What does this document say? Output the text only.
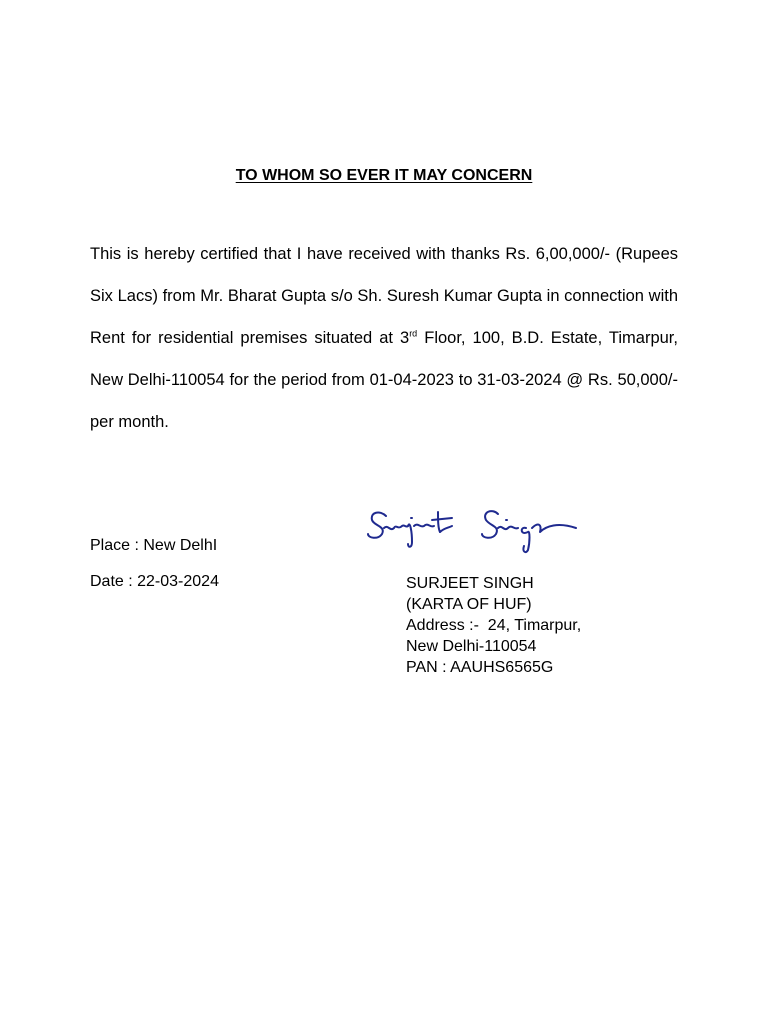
TO WHOM SO EVER IT MAY CONCERN

This is hereby certified that I have received with thanks Rs. 6,00,000/- (Rupees Six Lacs) from Mr. Bharat Gupta s/o Sh. Suresh Kumar Gupta in connection with Rent for residential premises situated at 3rd Floor, 100, B.D. Estate, Timarpur, New Delhi-110054 for the period from 01-04-2023 to 31-03-2024 @ Rs. 50,000/- per month.

Place : New DelhI
Date : 22-03-2024	SURJEET SINGH
(KARTA OF HUF)
Address :-  24, Timarpur,
New Delhi-110054
PAN : AAUHS6565G
